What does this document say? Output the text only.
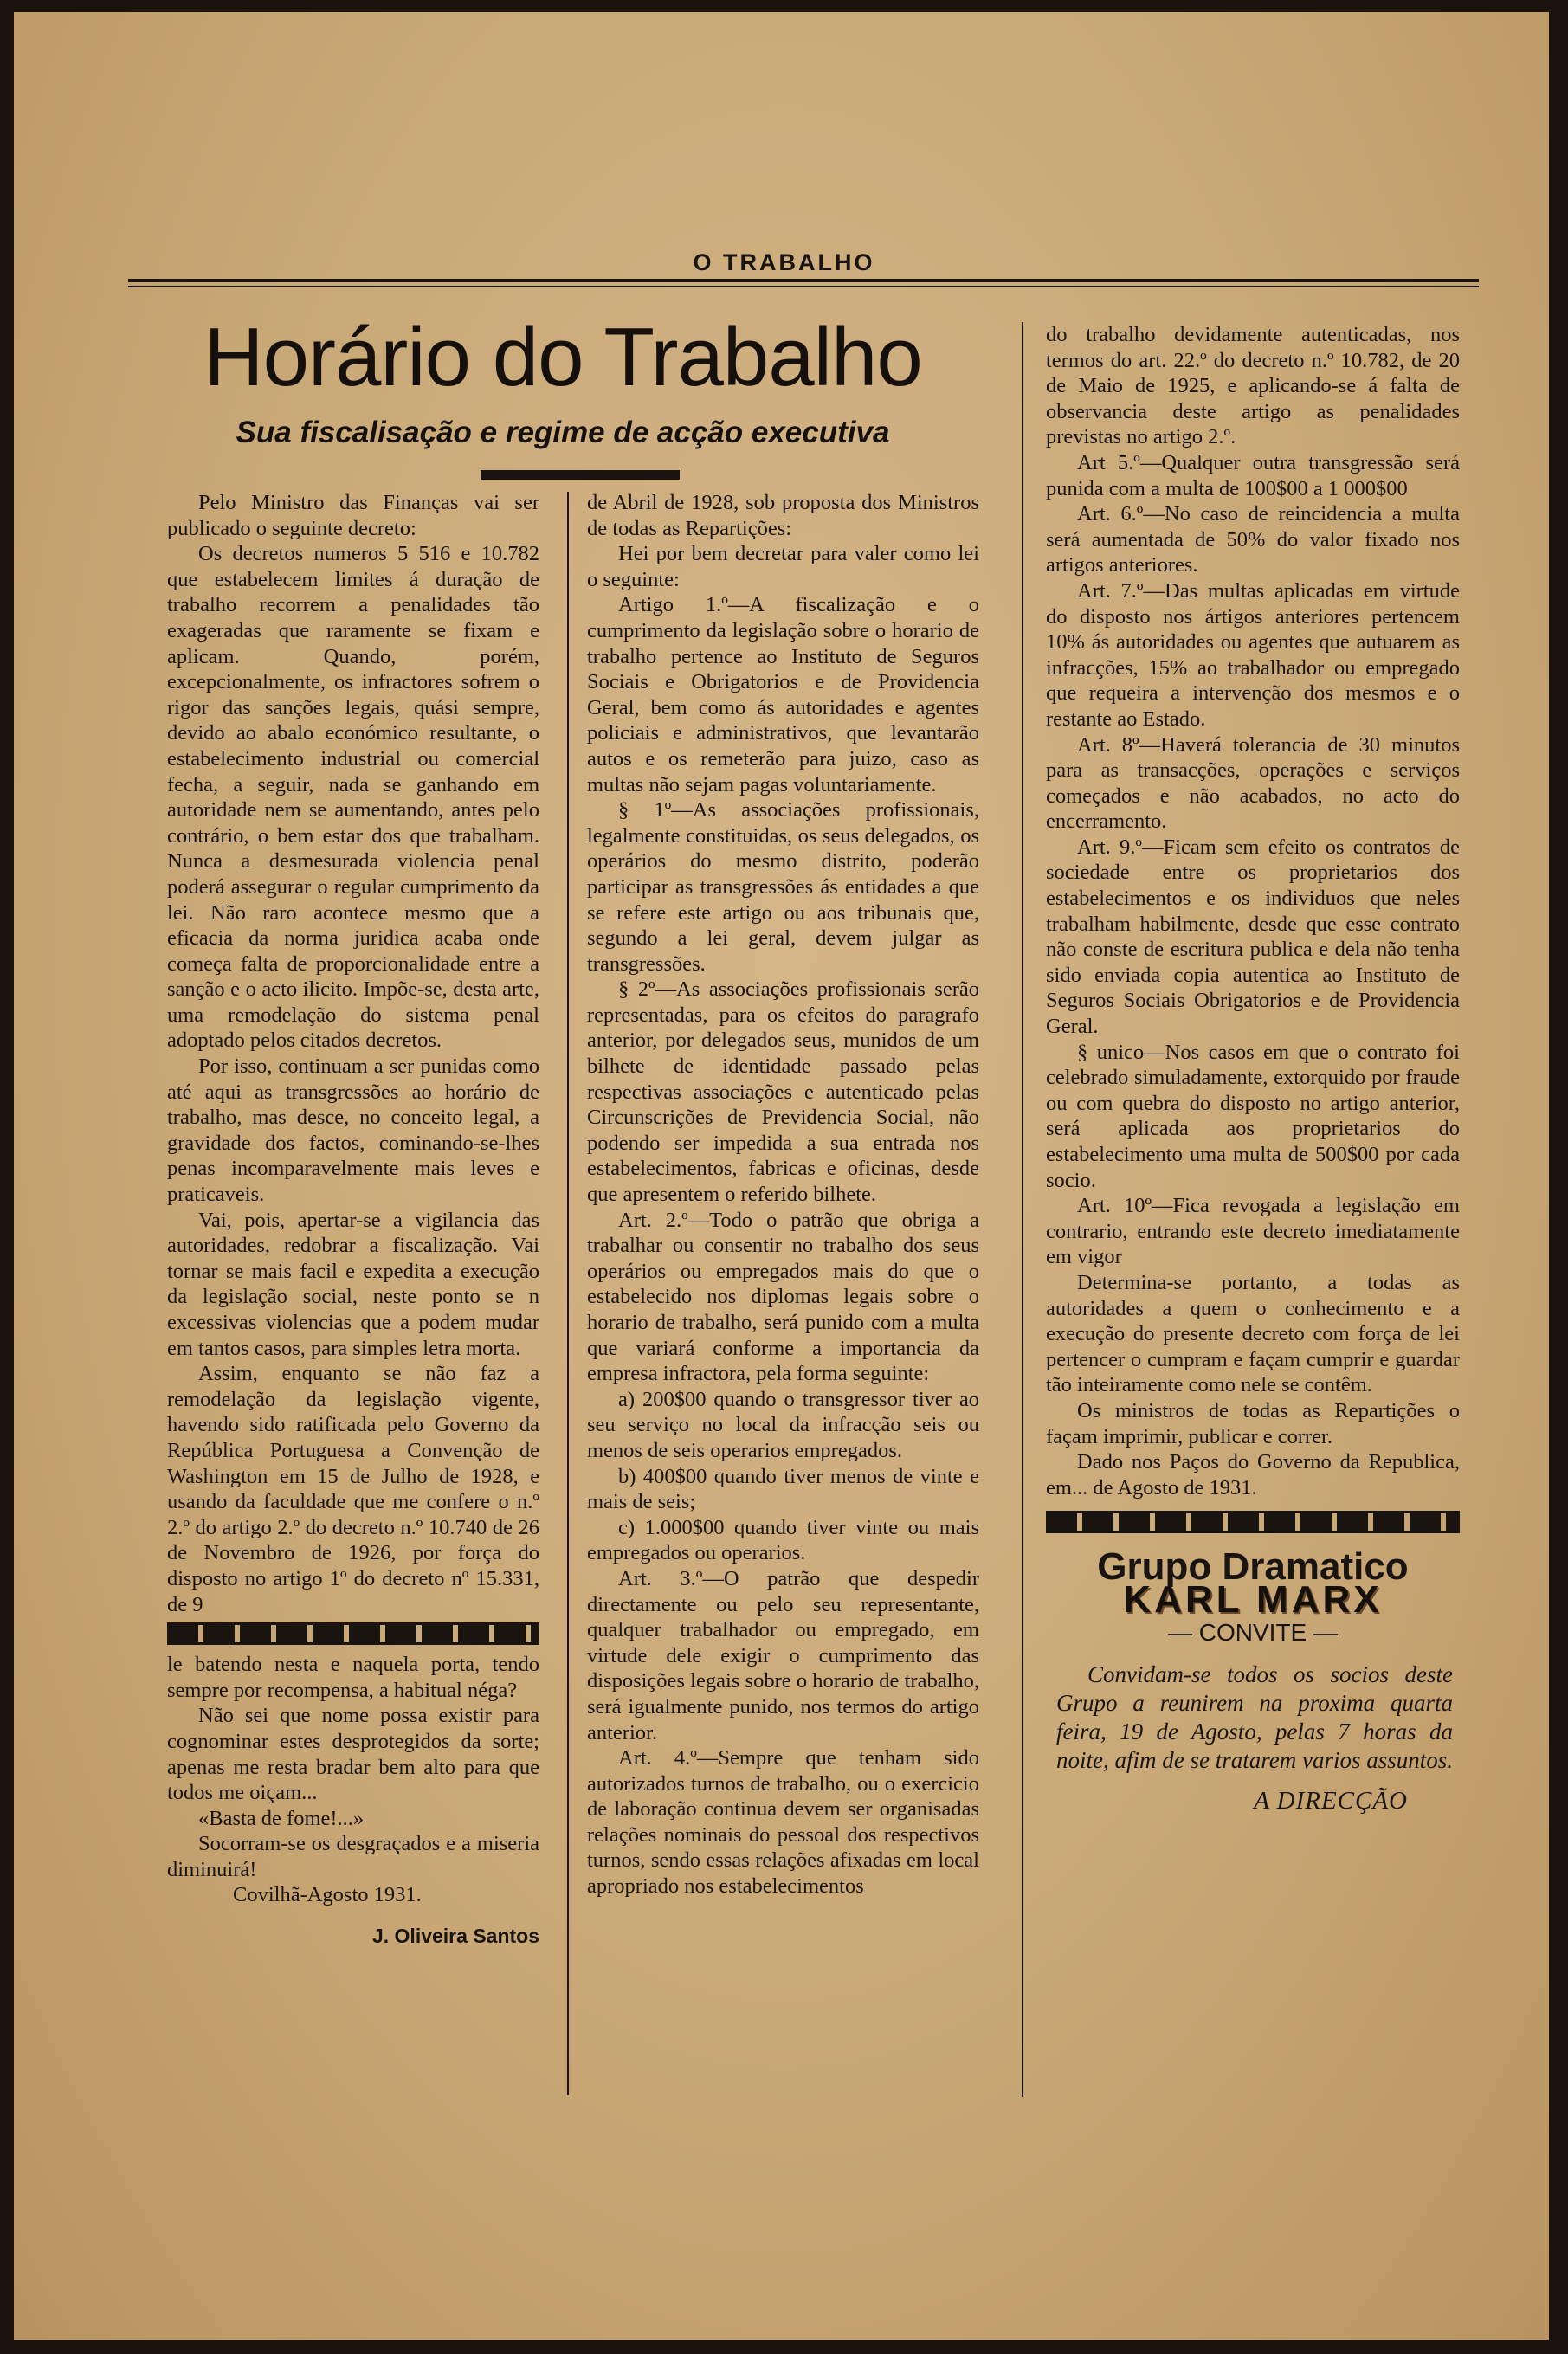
O TRABALHO
Horário do Trabalho
Sua fiscalisação e regime de acção executiva

Pelo Ministro das Finanças vai ser publicado o seguinte decreto:

Os decretos numeros 5 516 e 10.782 que estabelecem limites á duração de trabalho recorrem a penalidades tão exageradas que raramente se fixam e aplicam. Quando, porém, excepcionalmente, os infractores sofrem o rigor das sanções legais, quási sempre, devido ao abalo económico resultante, o estabelecimento industrial ou comercial fecha, a seguir, nada se ganhando em autoridade nem se aumentando, antes pelo contrário, o bem estar dos que trabalham. Nunca a desmesurada violencia penal poderá assegurar o regular cumprimento da lei. Não raro acontece mesmo que a eficacia da norma juridica acaba onde começa falta de proporcionalidade entre a sanção e o acto ilicito. Impõe-se, desta arte, uma remodelação do sistema penal adoptado pelos citados decretos.

Por isso, continuam a ser punidas como até aqui as transgressões ao horário de trabalho, mas desce, no conceito legal, a gravidade dos factos, cominando-se-lhes penas incomparavelmente mais leves e praticaveis.

Vai, pois, apertar-se a vigilancia das autoridades, redobrar a fiscalização. Vai tornar se mais facil e expedita a execução da legislação social, neste ponto se n excessivas violencias que a podem mudar em tantos casos, para simples letra morta.

Assim, enquanto se não faz a remodelação da legislação vigente, havendo sido ratificada pelo Governo da República Portuguesa a Convenção de Washington em 15 de Julho de 1928, e usando da faculdade que me confere o n.º 2.º do artigo 2.º do decreto n.º 10.740 de 26 de Novembro de 1926, por força do disposto no artigo 1º do decreto nº 15.331, de 9

le batendo nesta e naquela porta, tendo sempre por recompensa, a habitual néga?

Não sei que nome possa existir para cognominar estes desprotegidos da sorte; apenas me resta bradar bem alto para que todos me oiçam...

«Basta de fome!...»

Socorram-se os desgraçados e a miseria diminuirá!

Covilhã-Agosto 1931.

J. Oliveira Santos

de Abril de 1928, sob proposta dos Ministros de todas as Repartições:

Hei por bem decretar para valer como lei o seguinte:

Artigo 1.º—A fiscalização e o cumprimento da legislação sobre o horario de trabalho pertence ao Instituto de Seguros Sociais e Obrigatorios e de Providencia Geral, bem como ás autoridades e agentes policiais e administrativos, que levantarão autos e os remeterão para juizo, caso as multas não sejam pagas voluntariamente.

§ 1º—As associações profissionais, legalmente constituidas, os seus delegados, os operários do mesmo distrito, poderão participar as transgressões ás entidades a que se refere este artigo ou aos tribunais que, segundo a lei geral, devem julgar as transgressões.

§ 2º—As associações profissionais serão representadas, para os efeitos do paragrafo anterior, por delegados seus, munidos de um bilhete de identidade passado pelas respectivas associações e autenticado pelas Circunscrições de Previdencia Social, não podendo ser impedida a sua entrada nos estabelecimentos, fabricas e oficinas, desde que apresentem o referido bilhete.

Art. 2.º—Todo o patrão que obriga a trabalhar ou consentir no trabalho dos seus operários ou empregados mais do que o estabelecido nos diplomas legais sobre o horario de trabalho, será punido com a multa que variará conforme a importancia da empresa infractora, pela forma seguinte:

a) 200$00 quando o transgressor tiver ao seu serviço no local da infracção seis ou menos de seis operarios empregados.

b) 400$00 quando tiver menos de vinte e mais de seis;

c) 1.000$00 quando tiver vinte ou mais empregados ou operarios.

Art. 3.º—O patrão que despedir directamente ou pelo seu representante, qualquer trabalhador ou empregado, em virtude dele exigir o cumprimento das disposições legais sobre o horario de trabalho, será igualmente punido, nos termos do artigo anterior.

Art. 4.º—Sempre que tenham sido autorizados turnos de trabalho, ou o exercicio de laboração continua devem ser organisadas relações nominais do pessoal dos respectivos turnos, sendo essas relações afixadas em local apropriado nos estabelecimentos

do trabalho devidamente autenticadas, nos termos do art. 22.º do decreto n.º 10.782, de 20 de Maio de 1925, e aplicando-se á falta de observancia deste artigo as penalidades previstas no artigo 2.º.

Art 5.º—Qualquer outra transgressão será punida com a multa de 100$00 a 1 000$00

Art. 6.º—No caso de reincidencia a multa será aumentada de 50% do valor fixado nos artigos anteriores.

Art. 7.º—Das multas aplicadas em virtude do disposto nos ártigos anteriores pertencem 10% ás autoridades ou agentes que autuarem as infracções, 15% ao trabalhador ou empregado que requeira a intervenção dos mesmos e o restante ao Estado.

Art. 8º—Haverá tolerancia de 30 minutos para as transacções, operações e serviços começados e não acabados, no acto do encerramento.

Art. 9.º—Ficam sem efeito os contratos de sociedade entre os proprietarios dos estabelecimentos e os individuos que neles trabalham habilmente, desde que esse contrato não conste de escritura publica e dela não tenha sido enviada copia autentica ao Instituto de Seguros Sociais Obrigatorios e de Providencia Geral.

§ unico—Nos casos em que o contrato foi celebrado simuladamente, extorquido por fraude ou com quebra do disposto no artigo anterior, será aplicada aos proprietarios do estabelecimento uma multa de 500$00 por cada socio.

Art. 10º—Fica revogada a legislação em contrario, entrando este decreto imediatamente em vigor

Determina-se portanto, a todas as autoridades a quem o conhecimento e a execução do presente decreto com força de lei pertencer o cumpram e façam cumprir e guardar tão inteiramente como nele se contêm.

Os ministros de todas as Repartições o façam imprimir, publicar e correr.

Dado nos Paços do Governo da Republica, em... de Agosto de 1931.

Grupo Dramatico
KARL MARX
— CONVITE —

Convidam-se todos os socios deste Grupo a reunirem na proxima quarta feira, 19 de Agosto, pelas 7 horas da noite, afim de se tratarem varios assuntos.

A DIRECÇÃO
